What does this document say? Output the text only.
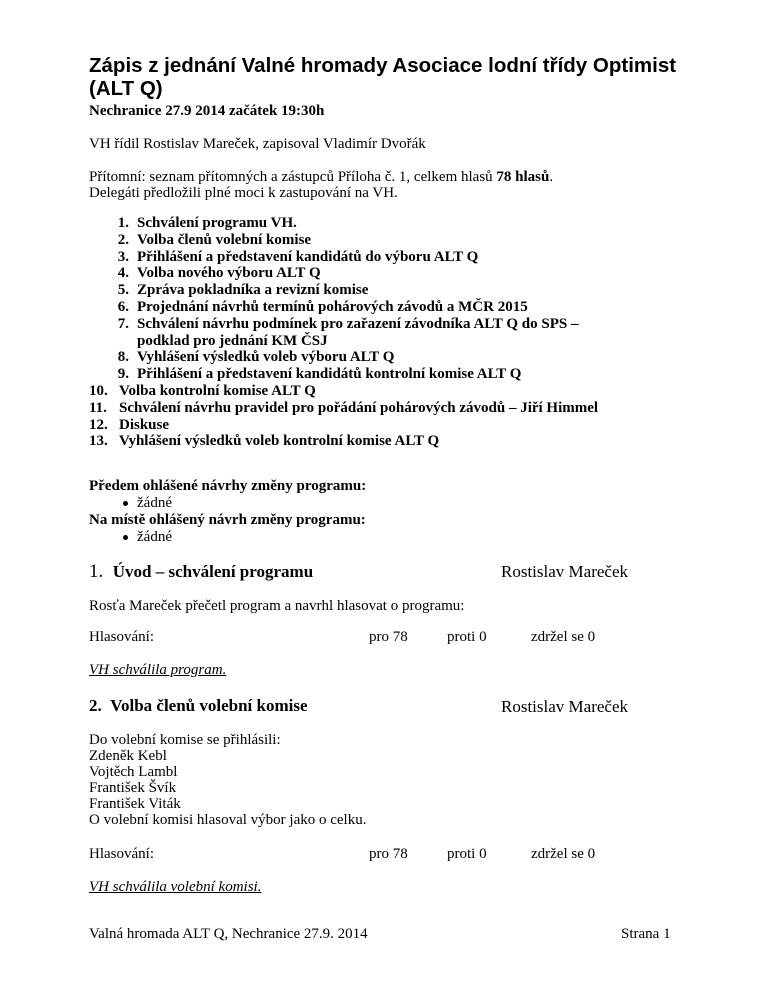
Zápis z jednání Valné hromady Asociace lodní třídy Optimist (ALT Q)
Nechranice 27.9 2014 začátek 19:30h
VH řídil Rostislav Mareček, zapisoval Vladimír Dvořák
Přítomní: seznam přítomných a zástupců Příloha č. 1, celkem hlasů 78 hlasů.
Delegáti předložili plné moci k zastupování na VH.
1. Schválení programu VH.
2. Volba členů volební komise
3. Přihlášení a představení kandidátů do výboru ALT Q
4. Volba nového výboru ALT Q
5. Zpráva pokladníka a revizní komise
6. Projednání návrhů termínů pohárových závodů a MČR 2015
7. Schválení návrhu podmínek pro zařazení závodníka ALT Q do SPS – podklad pro jednání KM ČSJ
8. Vyhlášení výsledků voleb výboru ALT Q
9. Přihlášení a představení kandidátů kontrolní komise ALT Q
10. Volba kontrolní komise ALT Q
11. Schválení návrhu pravidel pro pořádání pohárových závodů – Jiří Himmel
12. Diskuse
13. Vyhlášení výsledků voleb kontrolní komise ALT Q
Předem ohlášené návrhy změny programu:
žádné
Na místě ohlášený návrh změny programu:
žádné
1. Úvod – schválení programu	Rostislav Mareček
Rosťa Mareček přečetl program a navrhl hlasovat o programu:
Hlasování:	pro 78	proti 0	zdržel se 0
VH schválila program.
2. Volba členů volební komise	Rostislav Mareček
Do volební komise se přihlásili:
Zdeněk Kebl
Vojtěch Lambl
František Švík
František Viták
O volební komisi hlasoval výbor jako o celku.
Hlasování:	pro 78	proti 0	zdržel se 0
VH schválila volební komisi.
Valná hromada ALT Q, Nechranice 27.9. 2014	Strana 1
